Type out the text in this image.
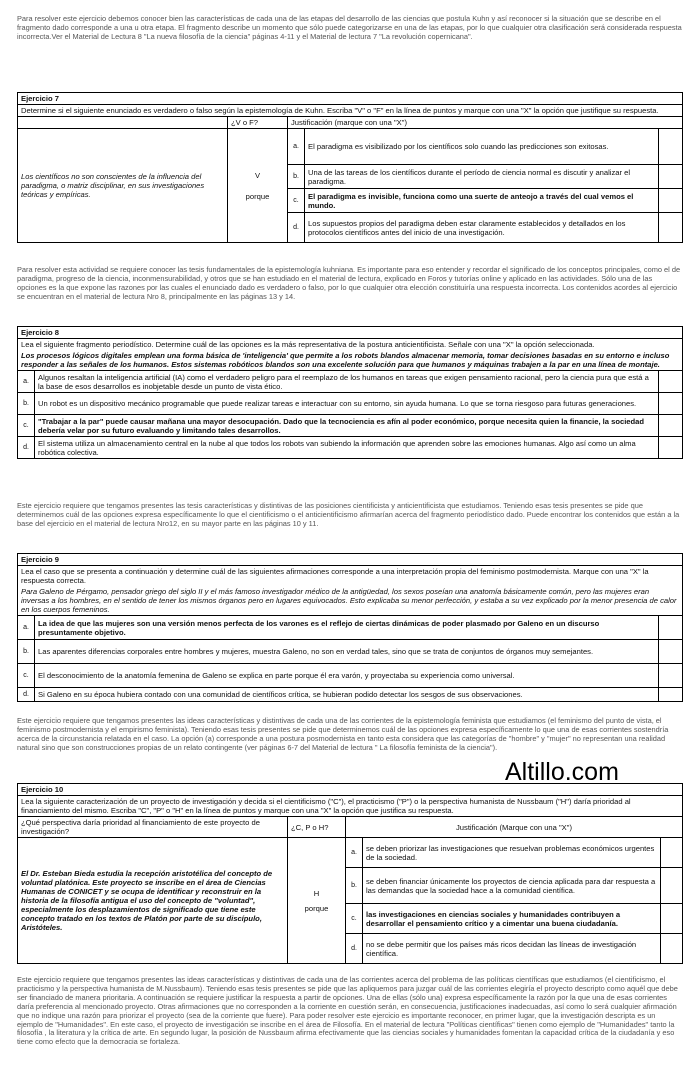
Para resolver este ejercicio debemos conocer bien las características de cada una de las etapas del desarrollo de las ciencias que postula Kuhn y así reconocer si la situación que se describe en el fragmento dado corresponde a una u otra etapa. El fragmento describe un momento que sólo puede categorizarse en una de las etapas, por lo que cualquier otra clasificación será considerada respuesta incorrecta.Ver el Material de Lectura 8 "La nueva filosofía de la ciencia" páginas 4-11 y el Material de lectura 7 "La revolución copernicana".
Ejercicio 7				
Determine si el siguiente enunciado es verdadero o falso según la epistemología de Kuhn. Escriba "V" o "F" en la línea de puntos y marque con una "X" la opción que justifique su respuesta.				
	¿V o F?	Justificación (marque con una "X")		
Los científicos no son conscientes de la influencia del paradigma, o matriz disciplinar, en sus investigaciones teóricas y empíricas.	V
porque	a.	El paradigma es visibilizado por los científicos solo cuando las predicciones son exitosas.	
		b.	Una de las tareas de los científicos durante el período de ciencia normal es discutir y analizar el paradigma.	
		c.	El paradigma es invisible, funciona como una suerte de anteojo a través del cual vemos el mundo.	
		d.	Los supuestos propios del paradigma deben estar claramente establecidos y detallados en los protocolos científicos antes del inicio de una investigación.	
Para resolver esta actividad se requiere conocer las tesis fundamentales de la epistemología kuhniana. Es importante para eso entender y recordar el significado de los conceptos principales, como el de paradigma, progreso de la ciencia, inconmensurabilidad, y otros que se han estudiado en el material de lectura, explicado en Foros y tutorías online y aplicado en las actividades. Sólo una de las opciones es la que expone las razones por las cuales el enunciado dado es verdadero o falso, por lo que cualquier otra elección constituiría una respuesta incorrecta. Los contenidos acordes al ejercicio se encuentran en el material de lectura Nro 8, principalmente en las páginas 13 y 14.
Ejercicio 8		
Lea el siguiente fragmento periodístico. Determine cuál de las opciones es la más representativa de la postura anticientificista. Señale con una "X" la opción seleccionada.		
Los procesos lógicos digitales emplean una forma básica de 'inteligencia' que permite a los robots blandos almacenar memoria, tomar decisiones basadas en su entorno e incluso responder a las señales de los humanos. Estos sistemas robóticos blandos son una excelente solución para que humanos y máquinas trabajen a la par en una línea de montaje.		
a.	Algunos resaltan la inteligencia artificial (IA) como el verdadero peligro para el reemplazo de los humanos en tareas que exigen pensamiento racional, pero la ciencia pura que está a la base de esos desarrollos es inobjetable desde un punto de vista ético.	
b.	Un robot es un dispositivo mecánico programable que puede realizar tareas e interactuar con su entorno, sin ayuda humana. Lo que se torna riesgoso para futuras generaciones.	
c.	"Trabajar a la par" puede causar mañana una mayor desocupación. Dado que la tecnociencia es afín al poder económico, porque necesita quien la financie, la sociedad debería velar por su futuro evaluando y limitando tales desarrollos.	
d.	El sistema utiliza un almacenamiento central en la nube al que todos los robots van subiendo la información que aprenden sobre las emociones humanas. Algo así como un alma robótica colectiva.	
Este ejercicio requiere que tengamos presentes las tesis características y distintivas de las posiciones cientificista y anticientificista que estudiamos. Teniendo esas tesis presentes se pide que determinemos cuál de las opciones expresa específicamente lo que el cientificismo o el anticientificismo afirmarían acerca del fragmento periodístico dado. Puede encontrar los contenidos que están a la base del ejercicio en el material de lectura Nro12, en su mayor parte en las páginas 10 y 11.
Ejercicio 9		
Lea el caso que se presenta a continuación y determine cuál de las siguientes afirmaciones corresponde a una interpretación propia del feminismo postmodernista. Marque con una "X" la respuesta correcta.		
Para Galeno de Pérgamo, pensador griego del siglo II y el más famoso investigador médico de la antigüedad, los sexos poseían una anatomía básicamente común, pero las mujeres eran inversas a los hombres, en el sentido de tener los mismos órganos pero en lugares equivocados. Esto explicaba su menor perfección, y estaba a su vez explicado por la menor presencia de calor en los cuerpos femeninos.		
a.	La idea de que las mujeres son una versión menos perfecta de los varones es el reflejo de ciertas dinámicas de poder plasmado por Galeno en un discurso presuntamente objetivo.	
b.	Las aparentes diferencias corporales entre hombres y mujeres, muestra Galeno, no son en verdad tales, sino que se trata de conjuntos de órganos muy semejantes.	
c.	El desconocimiento de la anatomía femenina de Galeno se explica en parte porque él era varón, y proyectaba su experiencia como universal.	
d.	Si Galeno en su época hubiera contado con una comunidad de científicos crítica, se hubieran podido detectar los sesgos de sus observaciones.	
Este ejercicio requiere que tengamos presentes las ideas características y distintivas de cada una de las corrientes de la epistemología feminista que estudiamos (el feminismo del punto de vista, el feminismo postmodernista y el empirismo feminista). Teniendo esas tesis presentes se pide que determinemos cuál de las opciones expresa específicamente lo que una de esas corrientes sostendría acerca de la circunstancia relatada en el caso. La opción (a) corresponde a una postura posmodernista en tanto esta considera que las categorías de "hombre" y "mujer" no representan una realidad natural sino que son construcciones propias de un relato contingente (ver páginas 6-7 del Material de lectura " La filosofía feminista de la ciencia").
Altillo.com
Ejercicio 10				
Lea la siguiente caracterización de un proyecto de investigación y decida si el cientificismo ("C"), el practicismo ("P") o la perspectiva humanista de Nussbaum ("H") daría prioridad al financiamiento del mismo. Escriba "C", "P" o "H" en la línea de puntos y marque con una "X" la opción que justifica su respuesta.				
¿Qué perspectiva daría prioridad al financiamiento de este proyecto de investigación?	¿C, P o H?	Justificación (Marque con una "X")		
El Dr. Esteban Bieda estudia la recepción aristotélica del concepto de voluntad platónica. Este proyecto se inscribe en el área de Ciencias Humanas de CONICET y se ocupa de identificar y reconstruir en la historia de la filosofía antigua el uso del concepto de "voluntad", especialmente los desplazamientos de significado que tiene este concepto tratado en los textos de Platón por parte de su discípulo, Aristóteles.	H
porque	a.	se deben priorizar las investigaciones que resuelvan problemas económicos urgentes de la sociedad.	
		b.	se deben financiar únicamente los proyectos de ciencia aplicada para dar respuesta a las demandas que la sociedad hace a la comunidad científica.	
		c.	las investigaciones en ciencias sociales y humanidades contribuyen a desarrollar el pensamiento crítico y a cimentar una buena ciudadanía.	
		d.	no se debe permitir que los países más ricos decidan las líneas de investigación científica.	
Este ejercicio requiere que tengamos presentes las ideas características y distintivas de cada una de las corrientes acerca del problema de las políticas científicas que estudiamos (el cientificismo, el practicismo y la perspectiva humanista de M.Nussbaum). Teniendo esas tesis presentes se pide que las apliquemos para juzgar cuál de las corrientes elegiría el proyecto descripto como aquél que debe ser financiado de manera prioritaria. A continuación se requiere justificar la respuesta a partir de opciones. Una de ellas (sólo una) expresa específicamente la razón por la que una de esas corrientes daría preferencia al mencionado proyecto. Otras afirmaciones que no corresponden a la corriente en cuestión serán, en consecuencia, justificaciones inadecuadas, así como lo será cualquier afirmación que no indique una razón para priorizar el proyecto (sea de la corriente que fuere). Para poder resolver este ejercicio es importante reconocer, en primer lugar, que la investigación descripta es un ejemplo de "Humanidades". En este caso, el proyecto de investigación se inscribe en el área de Filosofía. En el material de lectura "Políticas científicas" tienen como ejemplo de "Humanidades" tanto la filosofía , la literatura y la crítica de arte. En segundo lugar, la posición de Nussbaum afirma efectivamente que las ciencias sociales y humanidades fomentan la capacidad crítica de la ciudadanía y eso tiene como efecto que la democracia se fortaleza.
